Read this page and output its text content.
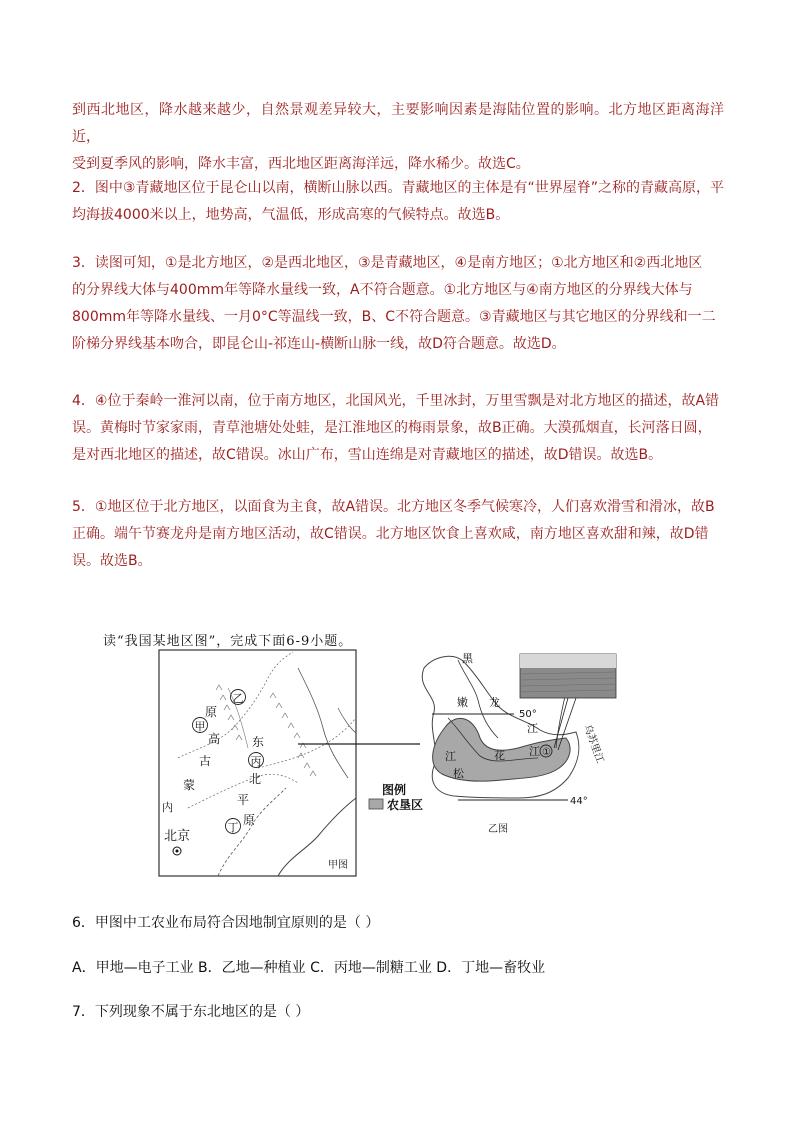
到西北地区，降水越来越少，自然景观差异较大，主要影响因素是海陆位置的影响。北方地区距离海洋近，

受到夏季风的影响，降水丰富，西北地区距离海洋远，降水稀少。故选C。

2．图中③青藏地区位于昆仑山以南，横断山脉以西。青藏地区的主体是有“世界屋脊”之称的青藏高原，平

均海拔4000米以上，地势高，气温低，形成高寒的气候特点。故选B。

3．读图可知，①是北方地区，②是西北地区，③是青藏地区，④是南方地区；①北方地区和②西北地区

的分界线大体与400mm年等降水量线一致，A不符合题意。①北方地区与④南方地区的分界线大体与

800mm年等降水量线、一月0°C等温线一致，B、C不符合题意。③青藏地区与其它地区的分界线和一二

阶梯分界线基本吻合，即昆仑山-祁连山-横断山脉一线，故D符合题意。故选D。

4．④位于秦岭一淮河以南，位于南方地区，北国风光，千里冰封，万里雪飘是对北方地区的描述，故A错

误。黄梅时节家家雨，青草池塘处处蛙，是江淮地区的梅雨景象，故B正确。大漠孤烟直，长河落日圆，

是对西北地区的描述，故C错误。冰山广布，雪山连绵是对青藏地区的描述，故D错误。故选B。

5．①地区位于北方地区，以面食为主食，故A错误。北方地区冬季气候寒冷，人们喜欢滑雪和滑冰，故B

正确。端午节赛龙舟是南方地区活动，故C错误。北方地区饮食上喜欢咸，南方地区喜欢甜和辣，故D错

误。故选B。

读“我国某地区图”，完成下面6-9小题。
乙
原
甲
高
古
蒙
内
东
丙
北
平
原
丁
北京
甲图
黑
嫩 龙
50°
江
江
松
花 江 ①	乌苏里江
44°
乙图
图例
农垦区
6．甲图中工农业布局符合因地制宜原则的是（ ）
A．甲地—电子工业 B．乙地—种植业 C．丙地—制糖工业 D．丁地—畜牧业
7．下列现象不属于东北地区的是（ ）
